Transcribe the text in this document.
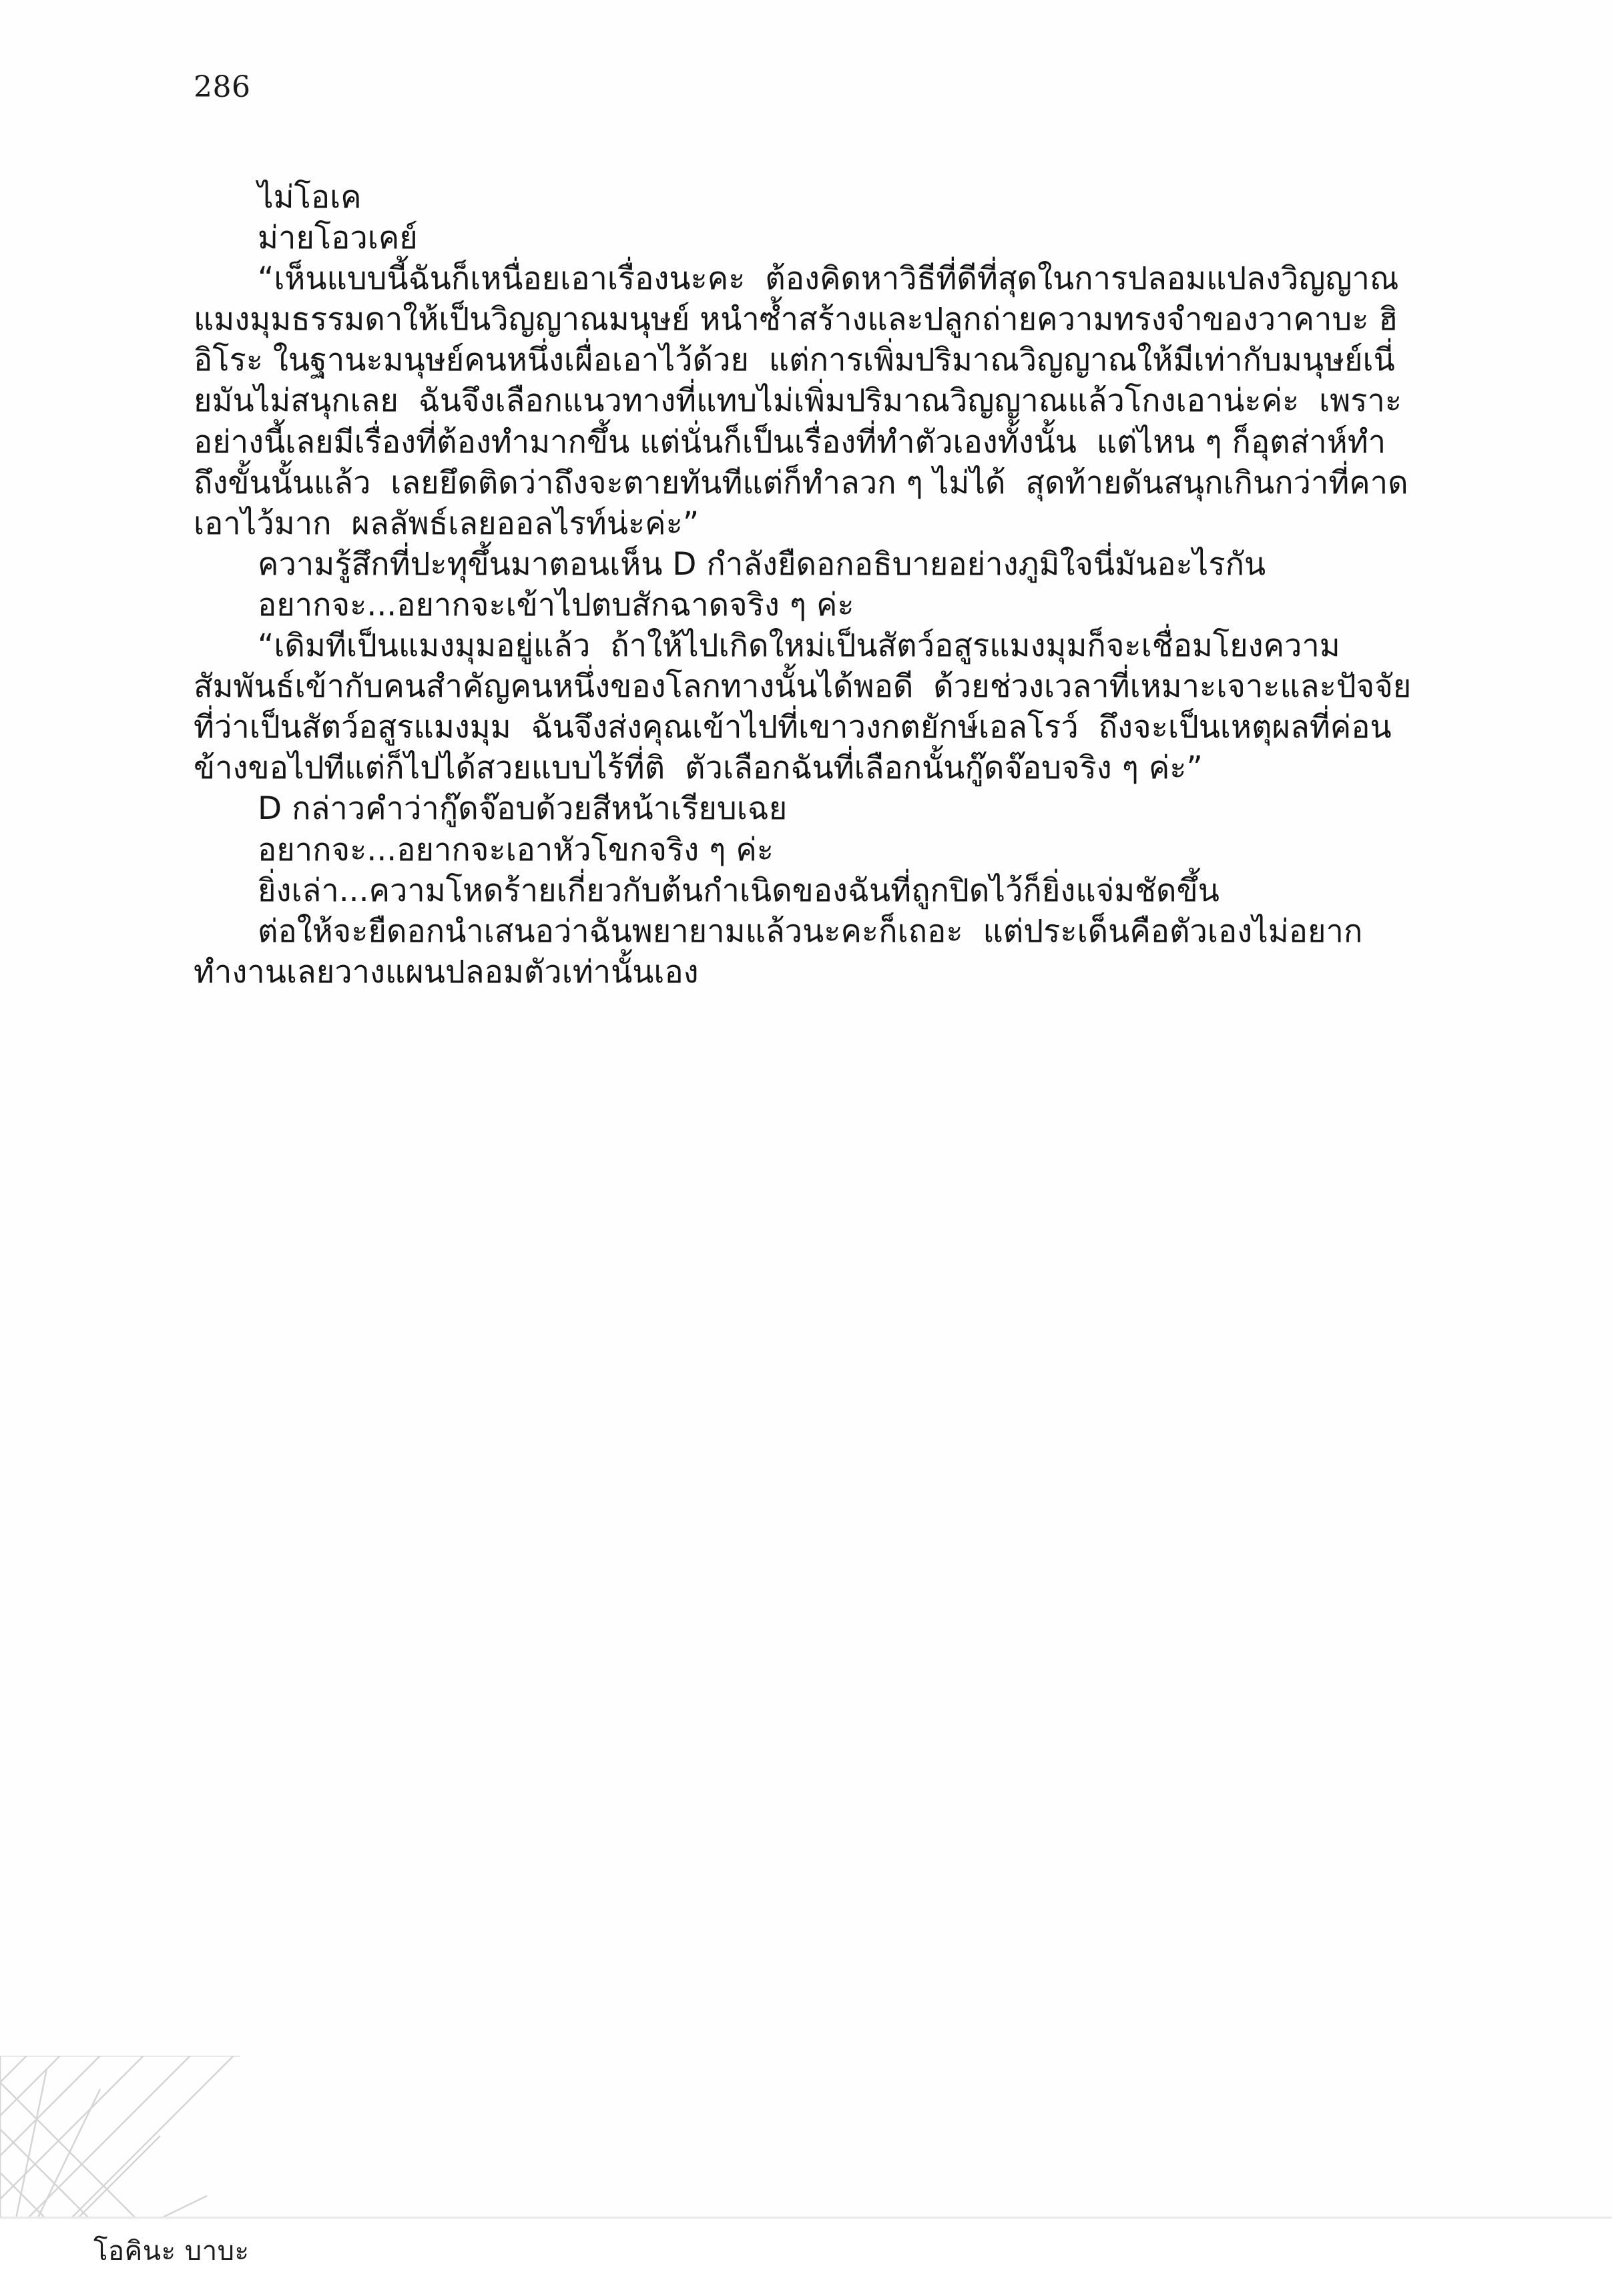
286

ไม่โอเค

ม่ายโอวเคย์

“เห็นแบบนี้ฉันก็เหนื่อยเอาเรื่องนะคะ  ต้องคิดหาวิธีที่ดีที่สุดในการปลอมแปลงวิญญาณแมงมุมธรรมดาให้เป็นวิญญาณมนุษย์ หนำซ้ำสร้างและปลูกถ่ายความทรงจำของวาคาบะ ฮิอิโระ ในฐานะมนุษย์คนหนึ่งเผื่อเอาไว้ด้วย  แต่การเพิ่มปริมาณวิญญาณให้มีเท่ากับมนุษย์เนี่ยมันไม่สนุกเลย  ฉันจึงเลือกแนวทางที่แทบไม่เพิ่มปริมาณวิญญาณแล้วโกงเอาน่ะค่ะ  เพราะอย่างนี้เลยมีเรื่องที่ต้องทำมากขึ้น แต่นั่นก็เป็นเรื่องที่ทำตัวเองทั้งนั้น  แต่ไหน ๆ ก็อุตส่าห์ทำถึงขั้นนั้นแล้ว  เลยยึดติดว่าถึงจะตายทันทีแต่ก็ทำลวก ๆ ไม่ได้  สุดท้ายดันสนุกเกินกว่าที่คาดเอาไว้มาก  ผลลัพธ์เลยออลไรท์น่ะค่ะ”

ความรู้สึกที่ปะทุขึ้นมาตอนเห็น D กำลังยืดอกอธิบายอย่างภูมิใจนี่มันอะไรกัน

อยากจะ...อยากจะเข้าไปตบสักฉาดจริง ๆ ค่ะ

“เดิมทีเป็นแมงมุมอยู่แล้ว  ถ้าให้ไปเกิดใหม่เป็นสัตว์อสูรแมงมุมก็จะเชื่อมโยงความสัมพันธ์เข้ากับคนสำคัญคนหนึ่งของโลกทางนั้นได้พอดี  ด้วยช่วงเวลาที่เหมาะเจาะและปัจจัยที่ว่าเป็นสัตว์อสูรแมงมุม  ฉันจึงส่งคุณเข้าไปที่เขาวงกตยักษ์เอลโรว์  ถึงจะเป็นเหตุผลที่ค่อนข้างขอไปทีแต่ก็ไปได้สวยแบบไร้ที่ติ  ตัวเลือกฉันที่เลือกนั้นกู๊ดจ๊อบจริง ๆ ค่ะ”

D กล่าวคำว่ากู๊ดจ๊อบด้วยสีหน้าเรียบเฉย

อยากจะ...อยากจะเอาหัวโขกจริง ๆ ค่ะ

ยิ่งเล่า...ความโหดร้ายเกี่ยวกับต้นกำเนิดของฉันที่ถูกปิดไว้ก็ยิ่งแจ่มชัดขึ้น

ต่อให้จะยืดอกนำเสนอว่าฉันพยายามแล้วนะคะก็เถอะ  แต่ประเด็นคือตัวเองไม่อยากทำงานเลยวางแผนปลอมตัวเท่านั้นเอง

โอคินะ บาบะ
